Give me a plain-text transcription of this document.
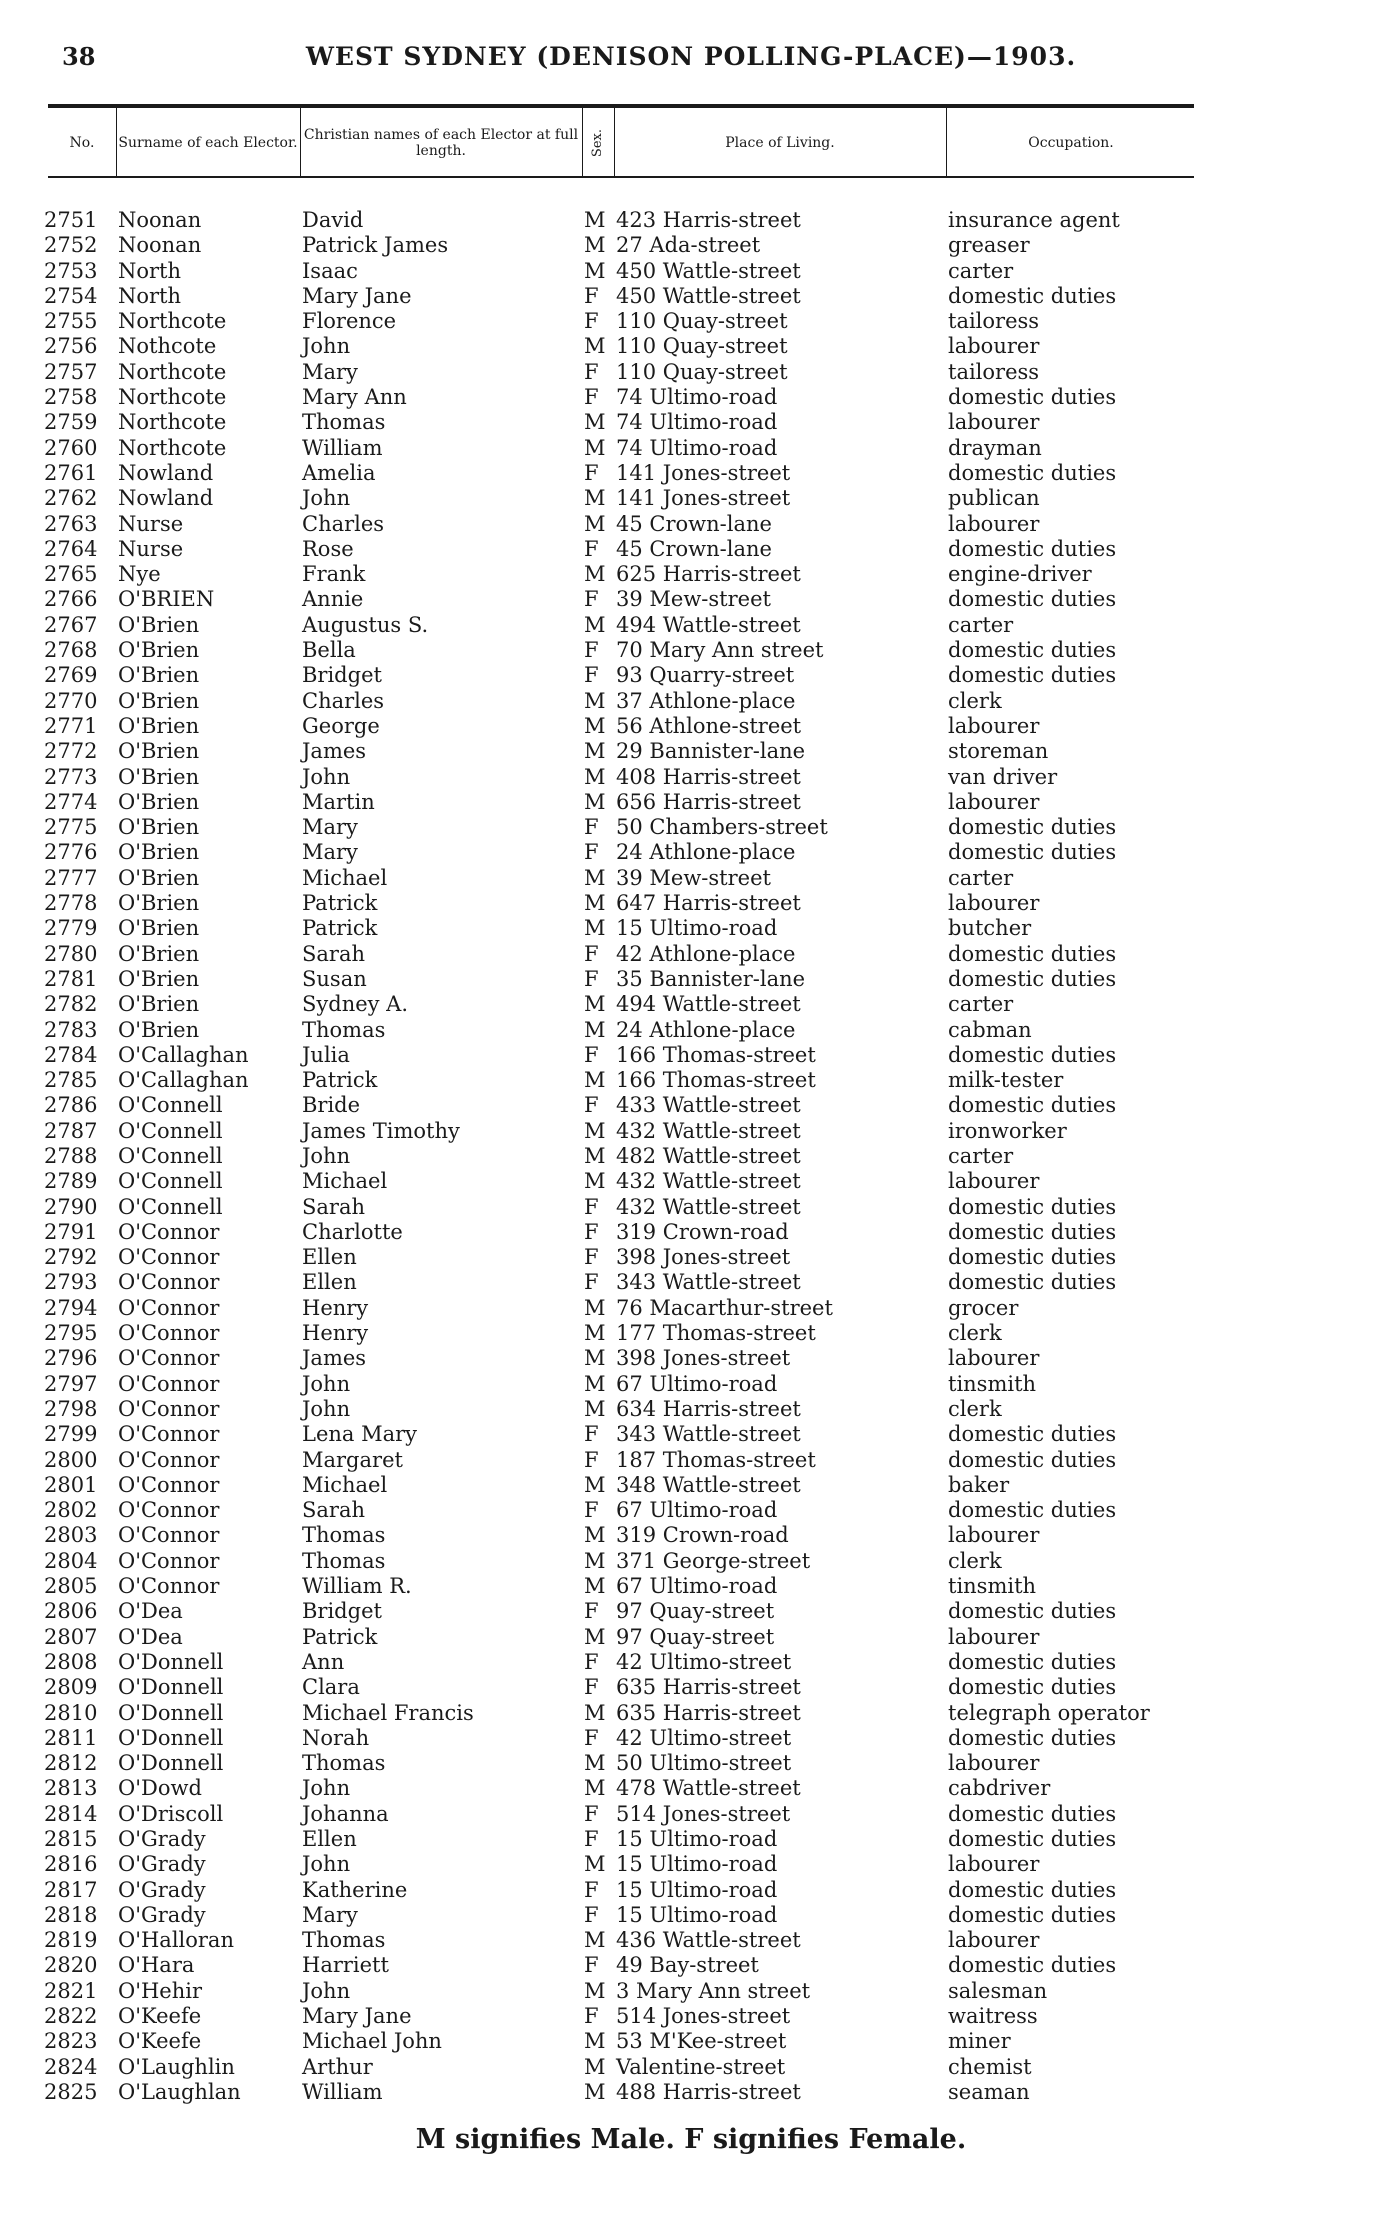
38	WEST SYDNEY (DENISON POLLING-PLACE)—1903.
No.	Surname of each Elector. Christian names of each Elector at full length.	Sex.	Place of Living.	Occupation.
2751 Noonan	David	M 423 Harris-street	insurance agent
2752 Noonan	Patrick James	M 27 Ada-street	greaser
2753 North	Isaac	M 450 Wattle-street	carter
2754 North	Mary Jane	F 450 Wattle-street	domestic duties
2755 Northcote	Florence	F 110 Quay-street	tailoress
2756 Nothcote	John	M 110 Quay-street	labourer
2757 Northcote	Mary	F 110 Quay-street	tailoress
2758 Northcote	Mary Ann	F 74 Ultimo-road	domestic duties
2759 Northcote	Thomas	M 74 Ultimo-road	labourer
2760 Northcote	William	M 74 Ultimo-road	drayman
2761 Nowland	Amelia	F 141 Jones-street	domestic duties
2762 Nowland	John	M 141 Jones-street	publican
2763 Nurse	Charles	M 45 Crown-lane	labourer
2764 Nurse	Rose	F 45 Crown-lane	domestic duties
2765 Nye	Frank	M 625 Harris-street	engine-driver
2766 O'BRIEN	Annie	F 39 Mew-street	domestic duties
2767 O'Brien	Augustus S.	M 494 Wattle-street	carter
2768 O'Brien	Bella	F 70 Mary Ann street	domestic duties
2769 O'Brien	Bridget	F 93 Quarry-street	domestic duties
2770 O'Brien	Charles	M 37 Athlone-place	clerk
2771 O'Brien	George	M 56 Athlone-street	labourer
2772 O'Brien	James	M 29 Bannister-lane	storeman
2773 O'Brien	John	M 408 Harris-street	van driver
2774 O'Brien	Martin	M 656 Harris-street	labourer
2775 O'Brien	Mary	F 50 Chambers-street	domestic duties
2776 O'Brien	Mary	F 24 Athlone-place	domestic duties
2777 O'Brien	Michael	M 39 Mew-street	carter
2778 O'Brien	Patrick	M 647 Harris-street	labourer
2779 O'Brien	Patrick	M 15 Ultimo-road	butcher
2780 O'Brien	Sarah	F 42 Athlone-place	domestic duties
2781 O'Brien	Susan	F 35 Bannister-lane	domestic duties
2782 O'Brien	Sydney A.	M 494 Wattle-street	carter
2783 O'Brien	Thomas	M 24 Athlone-place	cabman
2784 O'Callaghan	Julia	F 166 Thomas-street	domestic duties
2785 O'Callaghan	Patrick	M 166 Thomas-street	milk-tester
2786 O'Connell	Bride	F 433 Wattle-street	domestic duties
2787 O'Connell	James Timothy	M 432 Wattle-street	ironworker
2788 O'Connell	John	M 482 Wattle-street	carter
2789 O'Connell	Michael	M 432 Wattle-street	labourer
2790 O'Connell	Sarah	F 432 Wattle-street	domestic duties
2791 O'Connor	Charlotte	F 319 Crown-road	domestic duties
2792 O'Connor	Ellen	F 398 Jones-street	domestic duties
2793 O'Connor	Ellen	F 343 Wattle-street	domestic duties
2794 O'Connor	Henry	M 76 Macarthur-street	grocer
2795 O'Connor	Henry	M 177 Thomas-street	clerk
2796 O'Connor	James	M 398 Jones-street	labourer
2797 O'Connor	John	M 67 Ultimo-road	tinsmith
2798 O'Connor	John	M 634 Harris-street	clerk
2799 O'Connor	Lena Mary	F 343 Wattle-street	domestic duties
2800 O'Connor	Margaret	F 187 Thomas-street	domestic duties
2801 O'Connor	Michael	M 348 Wattle-street	baker
2802 O'Connor	Sarah	F 67 Ultimo-road	domestic duties
2803 O'Connor	Thomas	M 319 Crown-road	labourer
2804 O'Connor	Thomas	M 371 George-street	clerk
2805 O'Connor	William R.	M 67 Ultimo-road	tinsmith
2806 O'Dea	Bridget	F 97 Quay-street	domestic duties
2807 O'Dea	Patrick	M 97 Quay-street	labourer
2808 O'Donnell	Ann	F 42 Ultimo-street	domestic duties
2809 O'Donnell	Clara	F 635 Harris-street	domestic duties
2810 O'Donnell	Michael Francis	M 635 Harris-street	telegraph operator
2811 O'Donnell	Norah	F 42 Ultimo-street	domestic duties
2812 O'Donnell	Thomas	M 50 Ultimo-street	labourer
2813 O'Dowd	John	M 478 Wattle-street	cabdriver
2814 O'Driscoll	Johanna	F 514 Jones-street	domestic duties
2815 O'Grady	Ellen	F 15 Ultimo-road	domestic duties
2816 O'Grady	John	M 15 Ultimo-road	labourer
2817 O'Grady	Katherine	F 15 Ultimo-road	domestic duties
2818 O'Grady	Mary	F 15 Ultimo-road	domestic duties
2819 O'Halloran	Thomas	M 436 Wattle-street	labourer
2820 O'Hara	Harriett	F 49 Bay-street	domestic duties
2821 O'Hehir	John	M 3 Mary Ann street	salesman
2822 O'Keefe	Mary Jane	F 514 Jones-street	waitress
2823 O'Keefe	Michael John	M 53 M'Kee-street	miner
2824 O'Laughlin	Arthur	M Valentine-street	chemist
2825 O'Laughlan	William	M 488 Harris-street	seaman
M signifies Male. F signifies Female.
